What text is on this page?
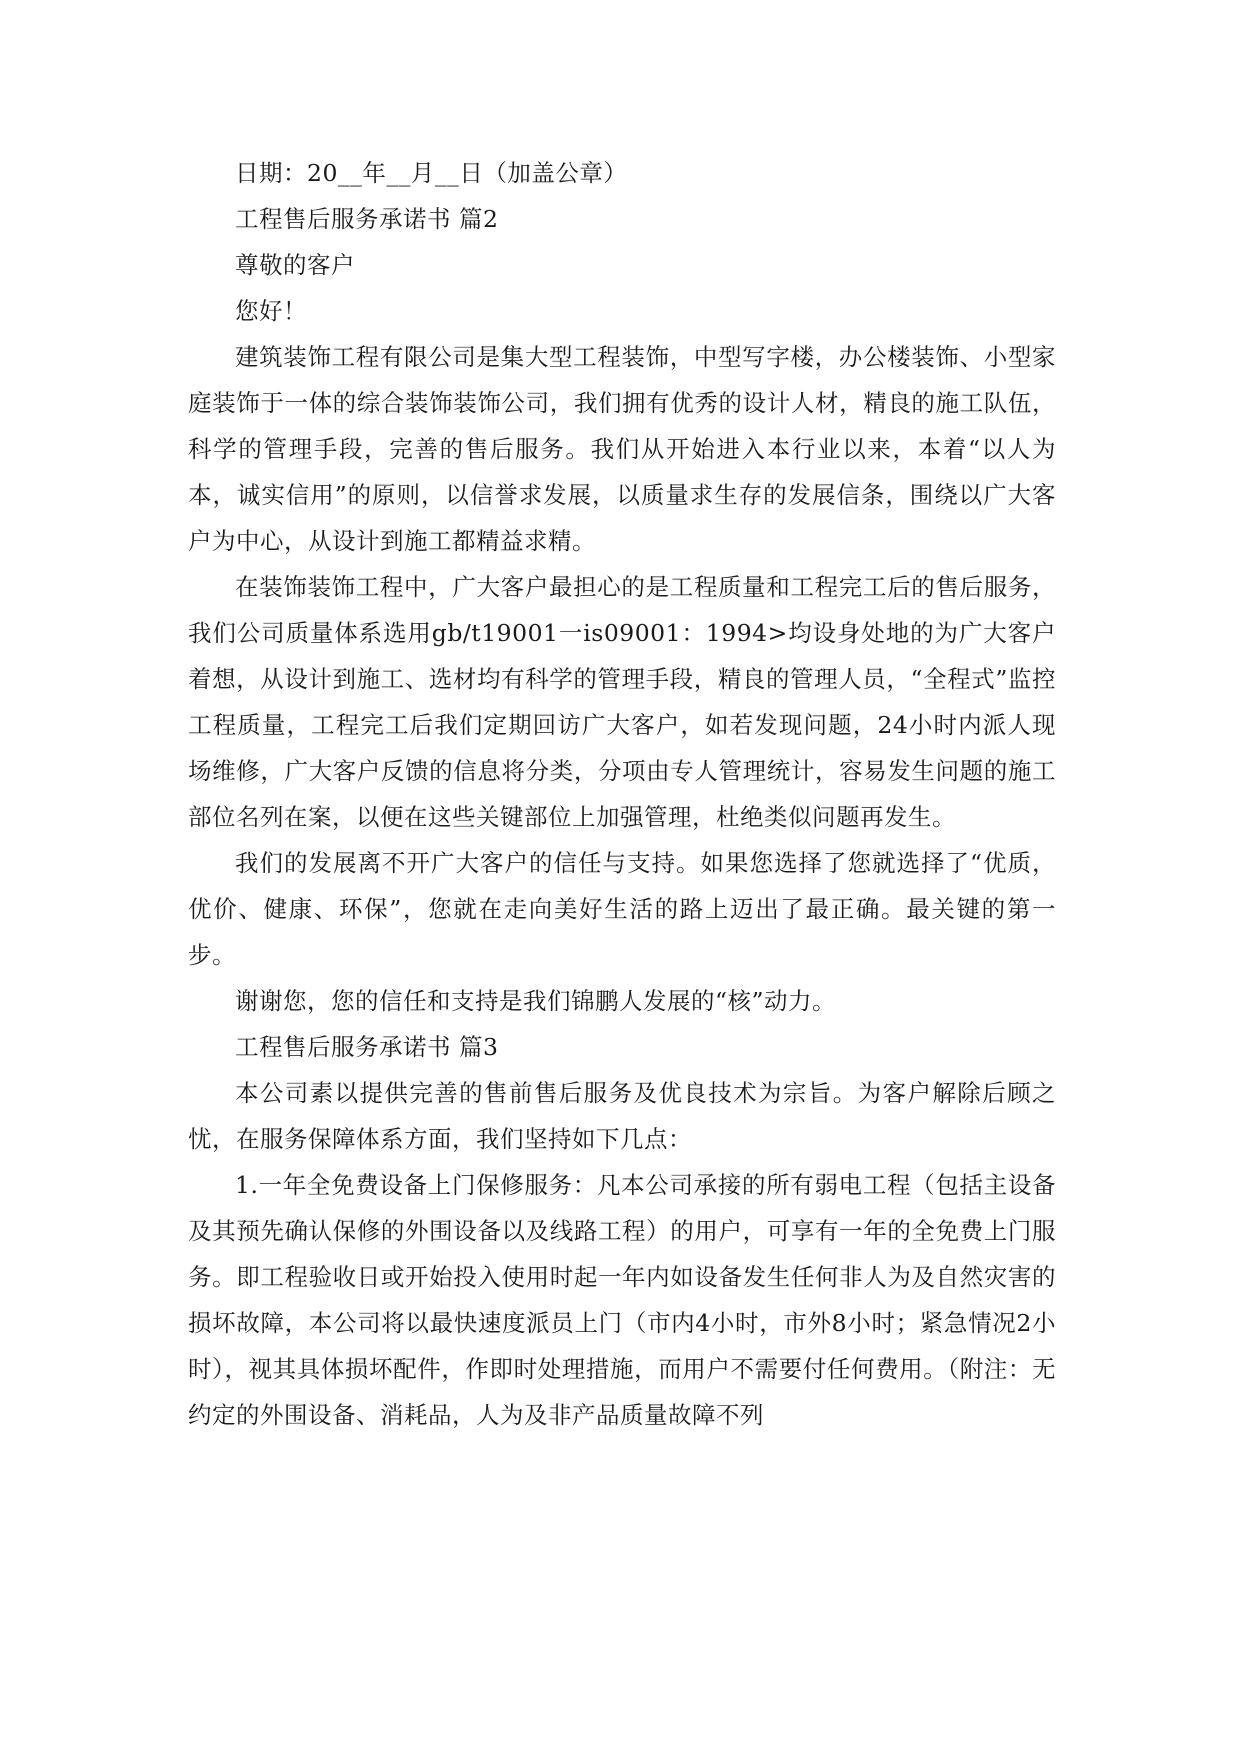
日期：20__年__月__日（加盖公章）

工程售后服务承诺书 篇2

尊敬的客户

您好！

建筑装饰工程有限公司是集大型工程装饰，中型写字楼，办公楼装饰、小型家庭装饰于一体的综合装饰装饰公司，我们拥有优秀的设计人材，精良的施工队伍，科学的管理手段，完善的售后服务。我们从开始进入本行业以来，本着“以人为本，诚实信用”的原则，以信誉求发展，以质量求生存的发展信条，围绕以广大客户为中心，从设计到施工都精益求精。

在装饰装饰工程中，广大客户最担心的是工程质量和工程完工后的售后服务，我们公司质量体系选用gb/t19001一is09001：1994>均设身处地的为广大客户着想，从设计到施工、选材均有科学的管理手段，精良的管理人员，“全程式”监控工程质量，工程完工后我们定期回访广大客户，如若发现问题，24小时内派人现场维修，广大客户反馈的信息将分类，分项由专人管理统计，容易发生问题的施工部位名列在案，以便在这些关键部位上加强管理，杜绝类似问题再发生。

我们的发展离不开广大客户的信任与支持。如果您选择了您就选择了“优质，优价、健康、环保”，您就在走向美好生活的路上迈出了最正确。最关键的第一步。

谢谢您，您的信任和支持是我们锦鹏人发展的“核”动力。

工程售后服务承诺书 篇3

本公司素以提供完善的售前售后服务及优良技术为宗旨。为客户解除后顾之忧，在服务保障体系方面，我们坚持如下几点：

1.一年全免费设备上门保修服务：凡本公司承接的所有弱电工程（包括主设备及其预先确认保修的外围设备以及线路工程）的用户，可享有一年的全免费上门服务。即工程验收日或开始投入使用时起一年内如设备发生任何非人为及自然灾害的损坏故障，本公司将以最快速度派员上门（市内4小时，市外8小时；紧急情况2小时），视其具体损坏配件，作即时处理措施，而用户不需要付任何费用。（附注：无约定的外围设备、消耗品，人为及非产品质量故障不列
